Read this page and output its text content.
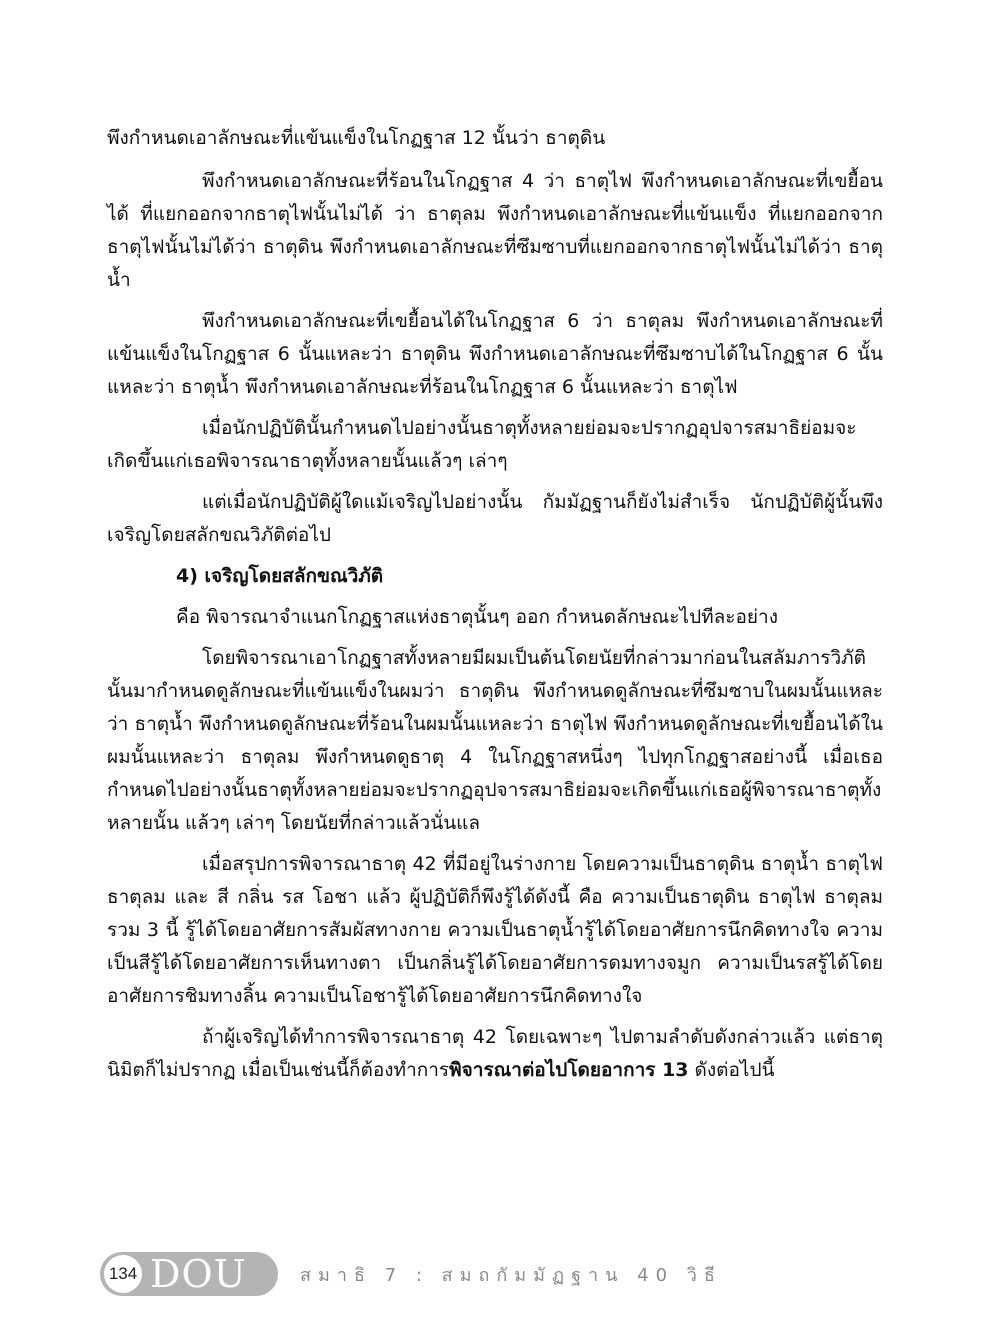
พึงกำหนดเอาลักษณะที่แข้นแข็งในโกฏฐาส 12 นั้นว่า ธาตุดิน

พึงกำหนดเอาลักษณะที่ร้อนในโกฏฐาส 4 ว่า ธาตุไฟ พึงกำหนดเอาลักษณะที่เขยื้อนได้ ที่แยกออกจากธาตุไฟนั้นไม่ได้ ว่า ธาตุลม พึงกำหนดเอาลักษณะที่แข้นแข็ง ที่แยกออกจากธาตุไฟนั้นไม่ได้ว่า ธาตุดิน พึงกำหนดเอาลักษณะที่ซึมซาบที่แยกออกจากธาตุไฟนั้นไม่ได้ว่า ธาตุน้ำ

พึงกำหนดเอาลักษณะที่เขยื้อนได้ในโกฏฐาส 6 ว่า ธาตุลม พึงกำหนดเอาลักษณะที่แข้นแข็งในโกฏฐาส 6 นั้นแหละว่า ธาตุดิน พึงกำหนดเอาลักษณะที่ซึมซาบได้ในโกฏฐาส 6 นั้นแหละว่า ธาตุน้ำ พึงกำหนดเอาลักษณะที่ร้อนในโกฏฐาส 6 นั้นแหละว่า ธาตุไฟ

เมื่อนักปฏิบัตินั้นกำหนดไปอย่างนั้นธาตุทั้งหลายย่อมจะปรากฏอุปจารสมาธิย่อมจะเกิดขึ้นแก่เธอพิจารณาธาตุทั้งหลายนั้นแล้วๆ เล่าๆ

แต่เมื่อนักปฏิบัติผู้ใดแม้เจริญไปอย่างนั้น กัมมัฏฐานก็ยังไม่สำเร็จ นักปฏิบัติผู้นั้นพึงเจริญโดยสลักขณวิภัติต่อไป

4) เจริญโดยสลักขณวิภัติ

คือ พิจารณาจำแนกโกฏฐาสแห่งธาตุนั้นๆ ออก กำหนดลักษณะไปทีละอย่าง

โดยพิจารณาเอาโกฏฐาสทั้งหลายมีผมเป็นต้นโดยนัยที่กล่าวมาก่อนในสลัมภารวิภัตินั้นมากำหนดดูลักษณะที่แข้นแข็งในผมว่า ธาตุดิน พึงกำหนดดูลักษณะที่ซึมซาบในผมนั้นแหละว่า ธาตุน้ำ พึงกำหนดดูลักษณะที่ร้อนในผมนั้นแหละว่า ธาตุไฟ พึงกำหนดดูลักษณะที่เขยื้อนได้ในผมนั้นแหละว่า ธาตุลม พึงกำหนดดูธาตุ 4 ในโกฏฐาสหนึ่งๆ ไปทุกโกฏฐาสอย่างนี้ เมื่อเธอกำหนดไปอย่างนั้นธาตุทั้งหลายย่อมจะปรากฏอุปจารสมาธิย่อมจะเกิดขึ้นแก่เธอผู้พิจารณาธาตุทั้งหลายนั้น แล้วๆ เล่าๆ โดยนัยที่กล่าวแล้วนั่นแล

เมื่อสรุปการพิจารณาธาตุ 42 ที่มีอยู่ในร่างกาย โดยความเป็นธาตุดิน ธาตุน้ำ ธาตุไฟ ธาตุลม และ สี กลิ่น รส โอชา แล้ว ผู้ปฏิบัติก็พึงรู้ได้ดังนี้ คือ ความเป็นธาตุดิน ธาตุไฟ ธาตุลม รวม 3 นี้ รู้ได้โดยอาศัยการสัมผัสทางกาย ความเป็นธาตุน้ำรู้ได้โดยอาศัยการนึกคิดทางใจ ความเป็นสีรู้ได้โดยอาศัยการเห็นทางตา เป็นกลิ่นรู้ได้โดยอาศัยการดมทางจมูก ความเป็นรสรู้ได้โดยอาศัยการชิมทางลิ้น ความเป็นโอชารู้ได้โดยอาศัยการนึกคิดทางใจ

ถ้าผู้เจริญได้ทำการพิจารณาธาตุ 42 โดยเฉพาะๆ ไปตามลำดับดังกล่าวแล้ว แต่ธาตุนิมิตก็ไม่ปรากฏ เมื่อเป็นเช่นนี้ก็ต้องทำการพิจารณาต่อไปโดยอาการ 13 ดังต่อไปนี้

134 DOU	สมาธิ 7 : สมถกัมมัฏฐาน 40 วิธี
